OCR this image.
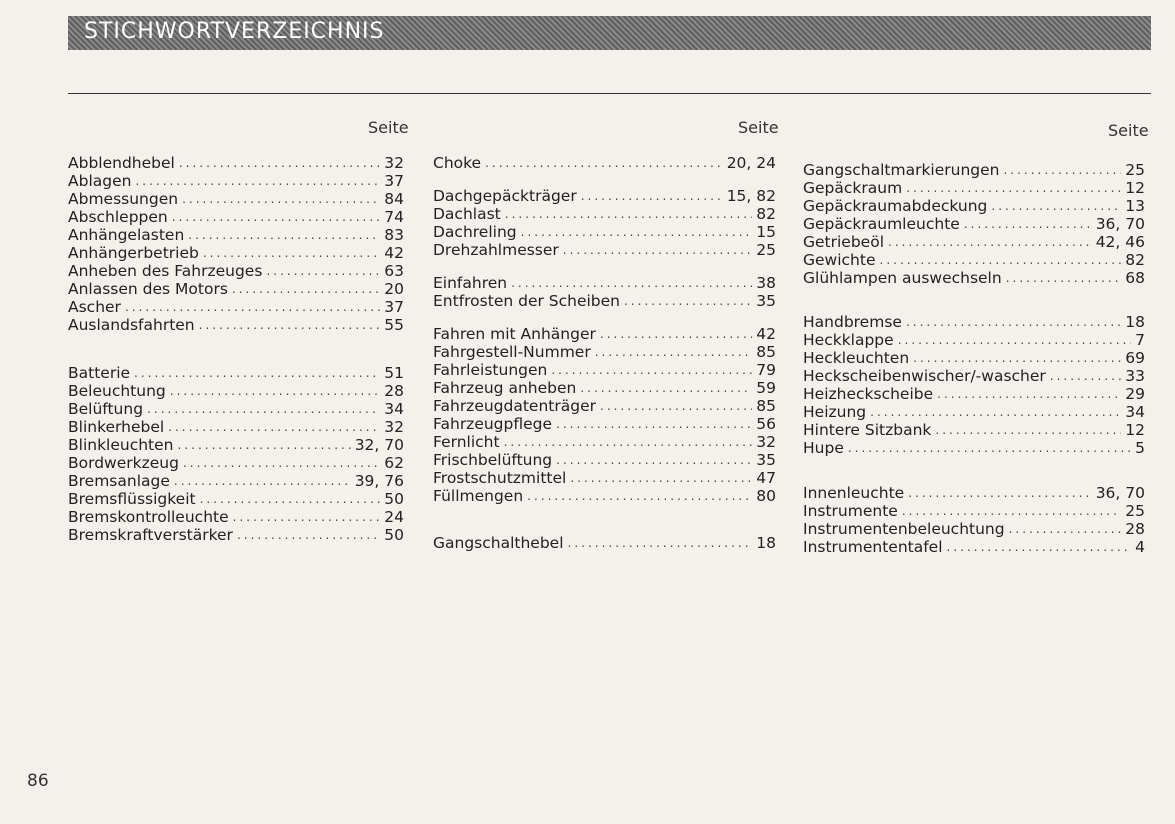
STICHWORTVERZEICHNIS
Seite	Seite	Seite
Abblendhebel .....	32
Ablagen .....	37
Abmessungen .....	84
Abschleppen .....	74
Anhängelasten .....	83
Anhängerbetrieb .....	42
Anheben des Fahrzeuges .....	63
Anlassen des Motors .....	20
Ascher .....	37
Auslandsfahrten .....	55
Batterie .....	51
Beleuchtung .....	28
Belüftung .....	34
Blinkerhebel .....	32
Blinkleuchten .....	32, 70
Bordwerkzeug .....	62
Bremsanlage .....	39, 76
Bremsflüssigkeit .....	50
Bremskontrolleuchte .....	24
Bremskraftverstärker .....	50
Choke .....	20, 24
Dachgepäckträger .....	15, 82
Dachlast .....	82
Dachreling .....	15
Drehzahlmesser .....	25
Einfahren .....	38
Entfrosten der Scheiben .....	35
Fahren mit Anhänger .....	42
Fahrgestell-Nummer .....	85
Fahrleistungen .....	79
Fahrzeug anheben .....	59
Fahrzeugdatenträger .....	85
Fahrzeugpflege .....	56
Fernlicht .....	32
Frischbelüftung .....	35
Frostschutzmittel .....	47
Füllmengen .....	80
Gangschalthebel .....	18
Gangschaltmarkierungen .....	25
Gepäckraum .....	12
Gepäckraumabdeckung .....	13
Gepäckraumleuchte .....	36, 70
Getriebeöl .....	42, 46
Gewichte .....	82
Glühlampen auswechseln .....	68
Handbremse .....	18
Heckklappe .....	7
Heckleuchten .....	69
Heckscheibenwischer/-wascher .....	33
Heizheckscheibe .....	29
Heizung .....	34
Hintere Sitzbank .....	12
Hupe .....	5
Innenleuchte .....	36, 70
Instrumente .....	25
Instrumentenbeleuchtung .....	28
Instrumententafel .....	4
86
